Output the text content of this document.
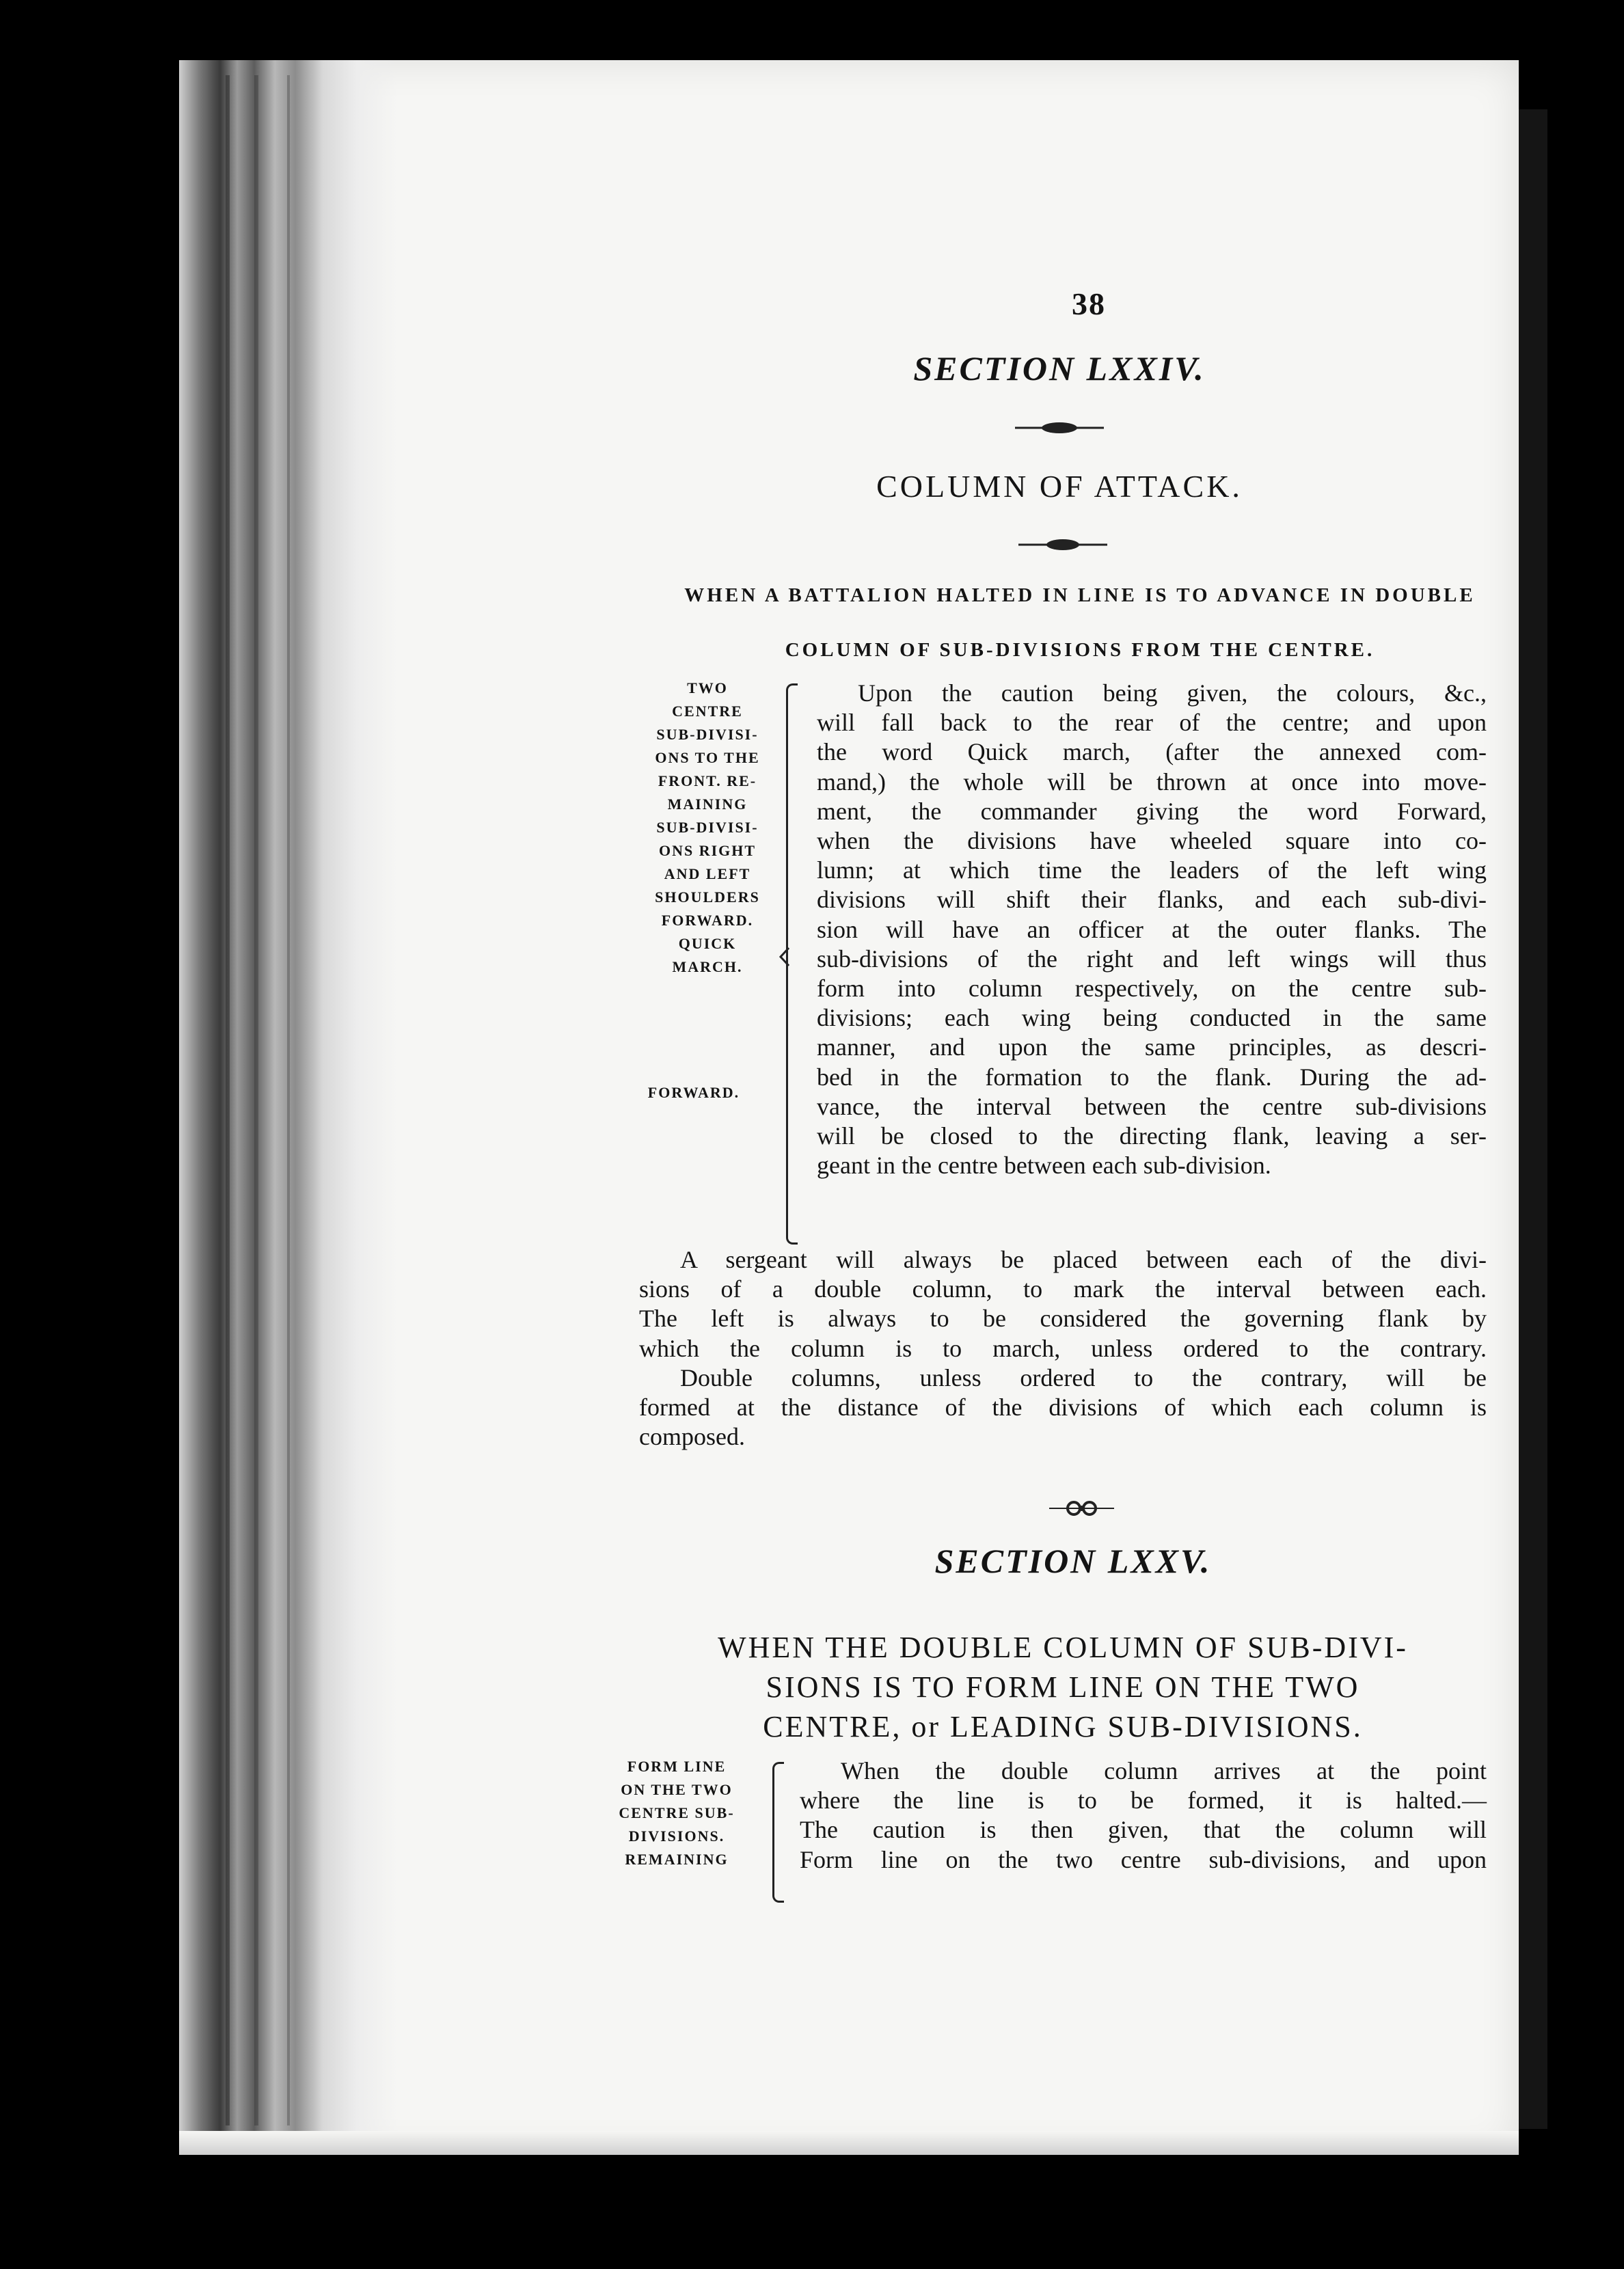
38
SECTION LXXIV.
COLUMN OF ATTACK.
WHEN A BATTALION HALTED IN LINE IS TO ADVANCE IN DOUBLE
COLUMN OF SUB-DIVISIONS FROM THE CENTRE.
TWO CENTRE
SUB-DIVISI-
ONS TO THE
FRONT. RE-
MAINING
SUB-DIVISI-
ONS RIGHT
AND LEFT
SHOULDERS
FORWARD.
QUICK
MARCH.
FORWARD.
Upon the caution being given, the colours, &c.,
will fall back to the rear of the centre; and upon
the word Quick march, (after the annexed com-
mand,) the whole will be thrown at once into move-
ment, the commander giving the word Forward,
when the divisions have wheeled square into co-
lumn; at which time the leaders of the left wing
divisions will shift their flanks, and each sub-divi-
sion will have an officer at the outer flanks. The
sub-divisions of the right and left wings will thus
form into column respectively, on the centre sub-
divisions; each wing being conducted in the same
manner, and upon the same principles, as descri-
bed in the formation to the flank. During the ad-
vance, the interval between the centre sub-divisions
will be closed to the directing flank, leaving a ser-
geant in the centre between each sub-division.
A sergeant will always be placed between each of the divi-
sions of a double column, to mark the interval between each.
The left is always to be considered the governing flank by
which the column is to march, unless ordered to the contrary.
Double columns, unless ordered to the contrary, will be
formed at the distance of the divisions of which each column is
composed.
SECTION LXXV.
WHEN THE DOUBLE COLUMN OF SUB-DIVI-
SIONS IS TO FORM LINE ON THE TWO
CENTRE, or LEADING SUB-DIVISIONS.
FORM LINE
ON THE TWO
CENTRE SUB-
DIVISIONS.
REMAINING
When the double column arrives at the point
where the line is to be formed, it is halted.—
The caution is then given, that the column will
Form line on the two centre sub-divisions, and upon
